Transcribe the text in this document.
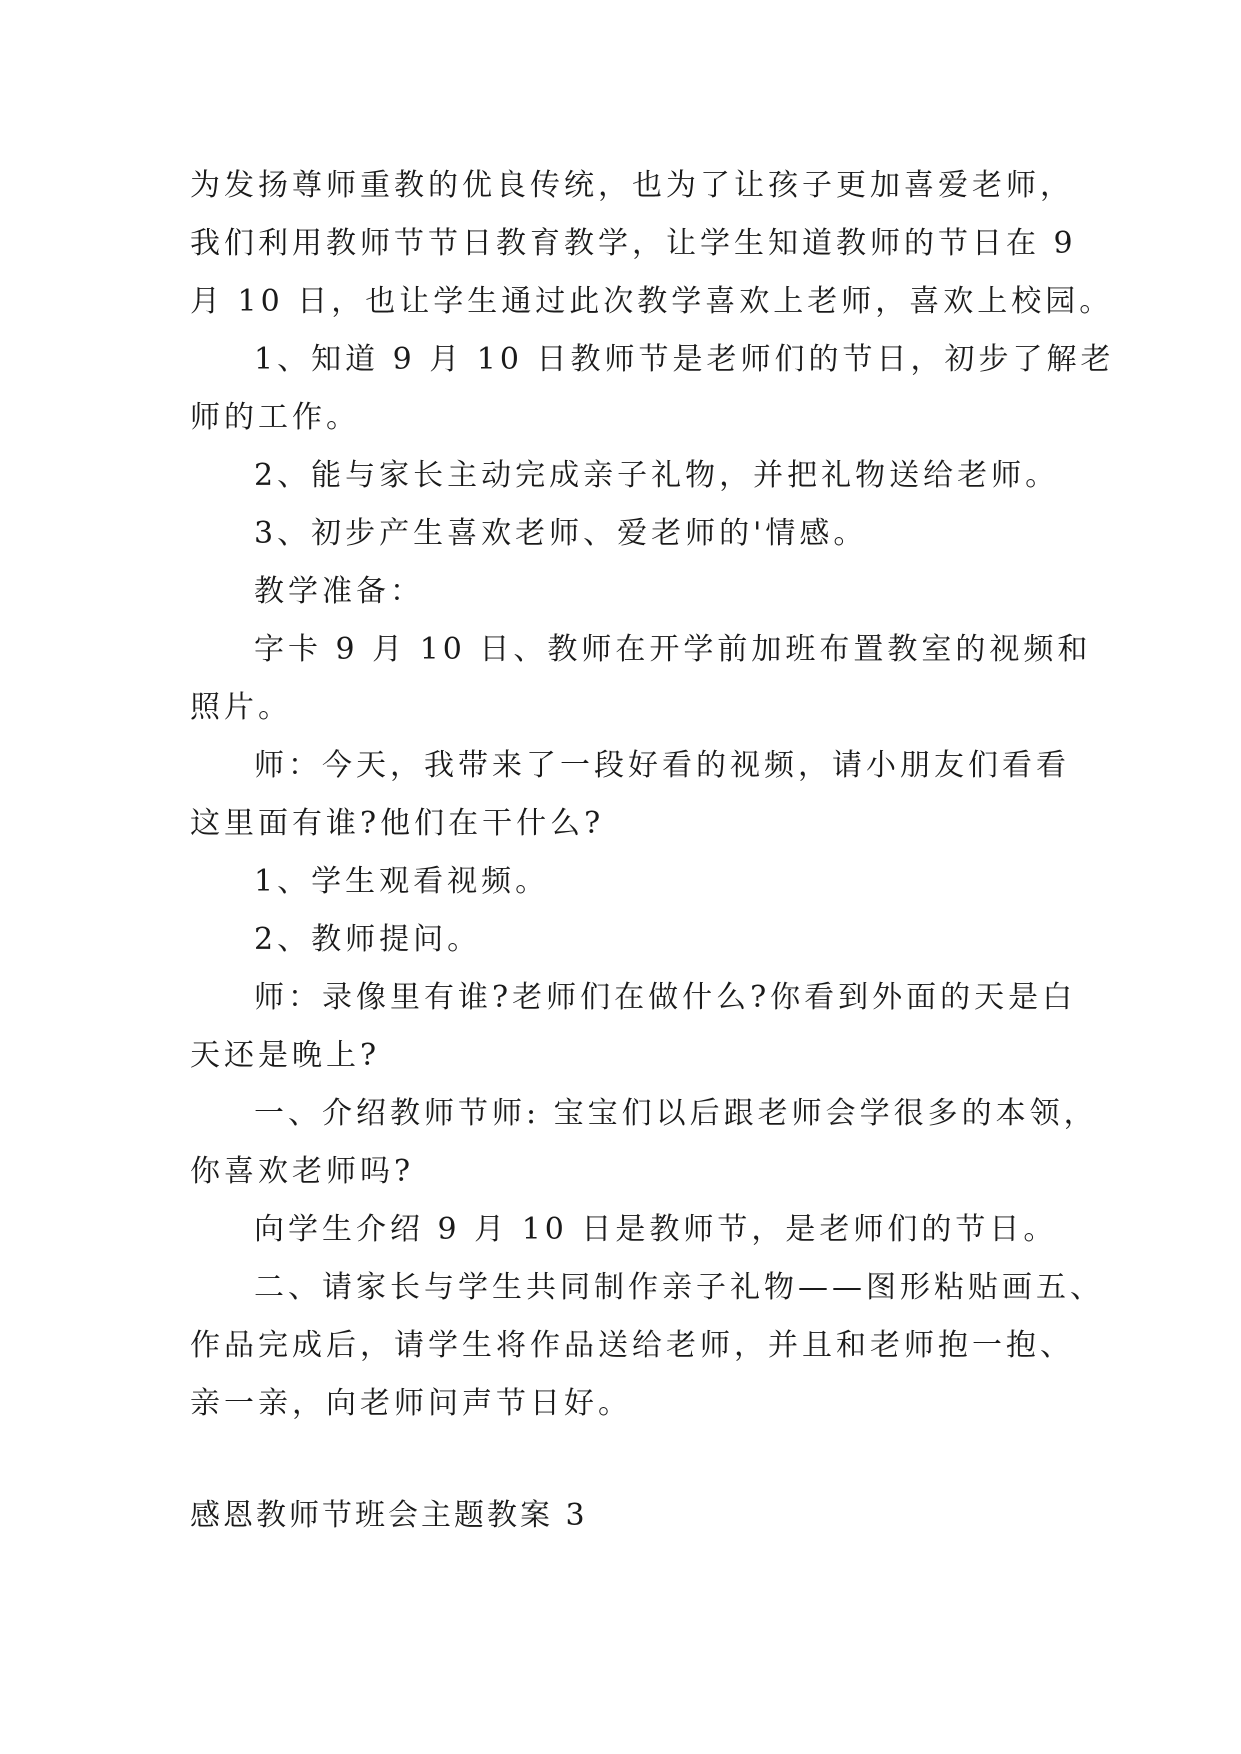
为发扬尊师重教的优良传统，也为了让孩子更加喜爱老师，
我们利用教师节节日教育教学，让学生知道教师的节日在 9
月 10 日，也让学生通过此次教学喜欢上老师，喜欢上校园。
1、知道 9 月 10 日教师节是老师们的节日，初步了解老
师的工作。
2、能与家长主动完成亲子礼物，并把礼物送给老师。
3、初步产生喜欢老师、爱老师的'情感。
教学准备：
字卡 9 月 10 日、教师在开学前加班布置教室的视频和
照片。
师：今天，我带来了一段好看的视频，请小朋友们看看
这里面有谁?他们在干什么?
1、学生观看视频。
2、教师提问。
师：录像里有谁?老师们在做什么?你看到外面的天是白
天还是晚上?
一、介绍教师节师: 宝宝们以后跟老师会学很多的本领，
你喜欢老师吗?
向学生介绍 9 月 10 日是教师节，是老师们的节日。
二、请家长与学生共同制作亲子礼物——图形粘贴画五、
作品完成后，请学生将作品送给老师，并且和老师抱一抱、
亲一亲，向老师问声节日好。
感恩教师节班会主题教案 3
